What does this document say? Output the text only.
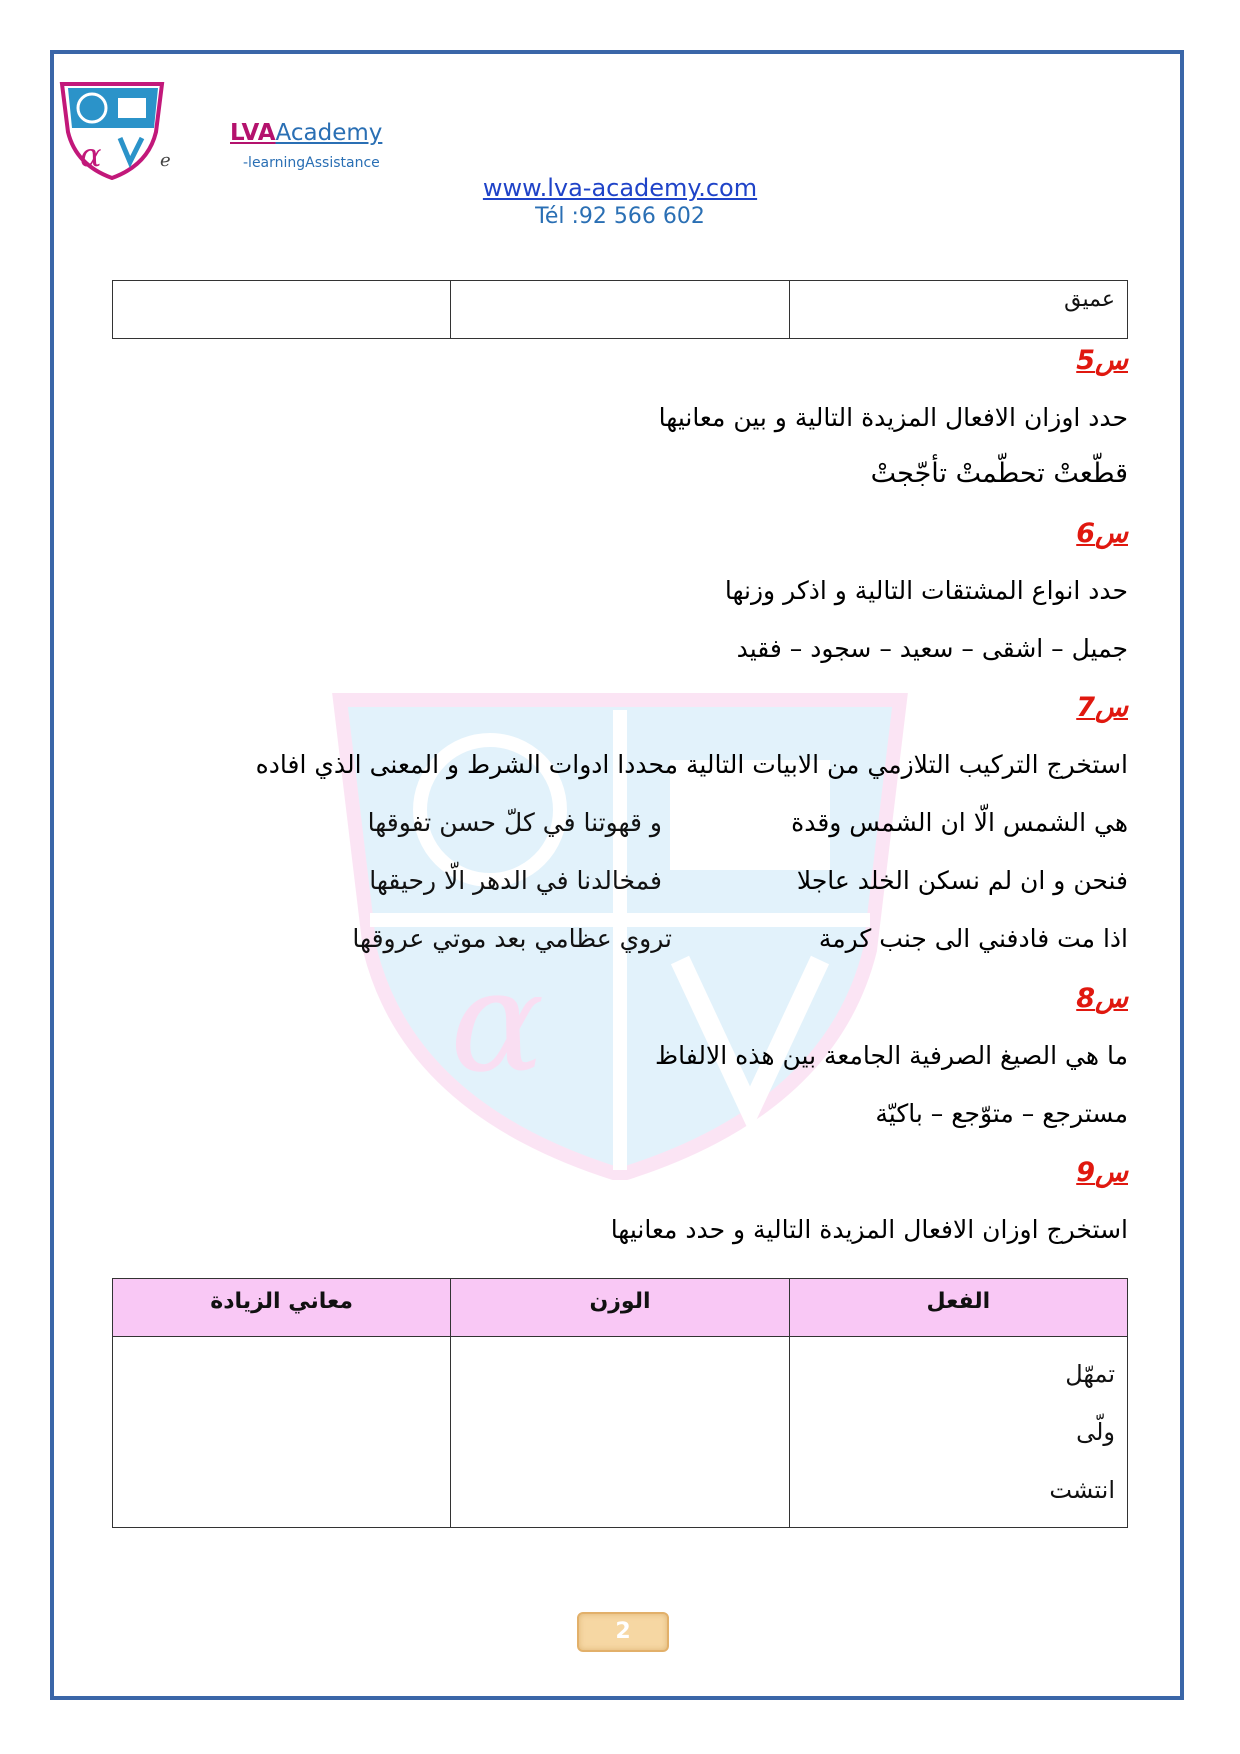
α
α	e
LVAAcademy
-learningAssistance
www.lva-academy.com
Tél :92 566 602
عميق		
س5
حدد اوزان الافعال المزيدة التالية و بين معانيها
قطّعتْ تحطّمتْ تأجّجتْ
س6
حدد انواع المشتقات التالية و اذكر وزنها
جميل – اشقى – سعيد – سجود – فقيد
س7
استخرج التركيب التلازمي من الابيات التالية محددا ادوات الشرط و المعنى الذي افاده
هي الشمس الّا ان الشمس وقدة
و قهوتنا في كلّ حسن تفوقها
فنحن و ان لم نسكن الخلد عاجلا
فمخالدنا في الدهر الّا رحيقها
اذا مت فادفني الى جنب كرمة
تروي عظامي بعد موتي عروقها
س8
ما هي الصيغ الصرفية الجامعة بين هذه الالفاظ
مسترجع – متوّجع – باكيّة
س9
استخرج اوزان الافعال المزيدة التالية و حدد معانيها
الفعل	الوزن	معاني الزيادة

تمهّل
ولّى
انتشت		

2
